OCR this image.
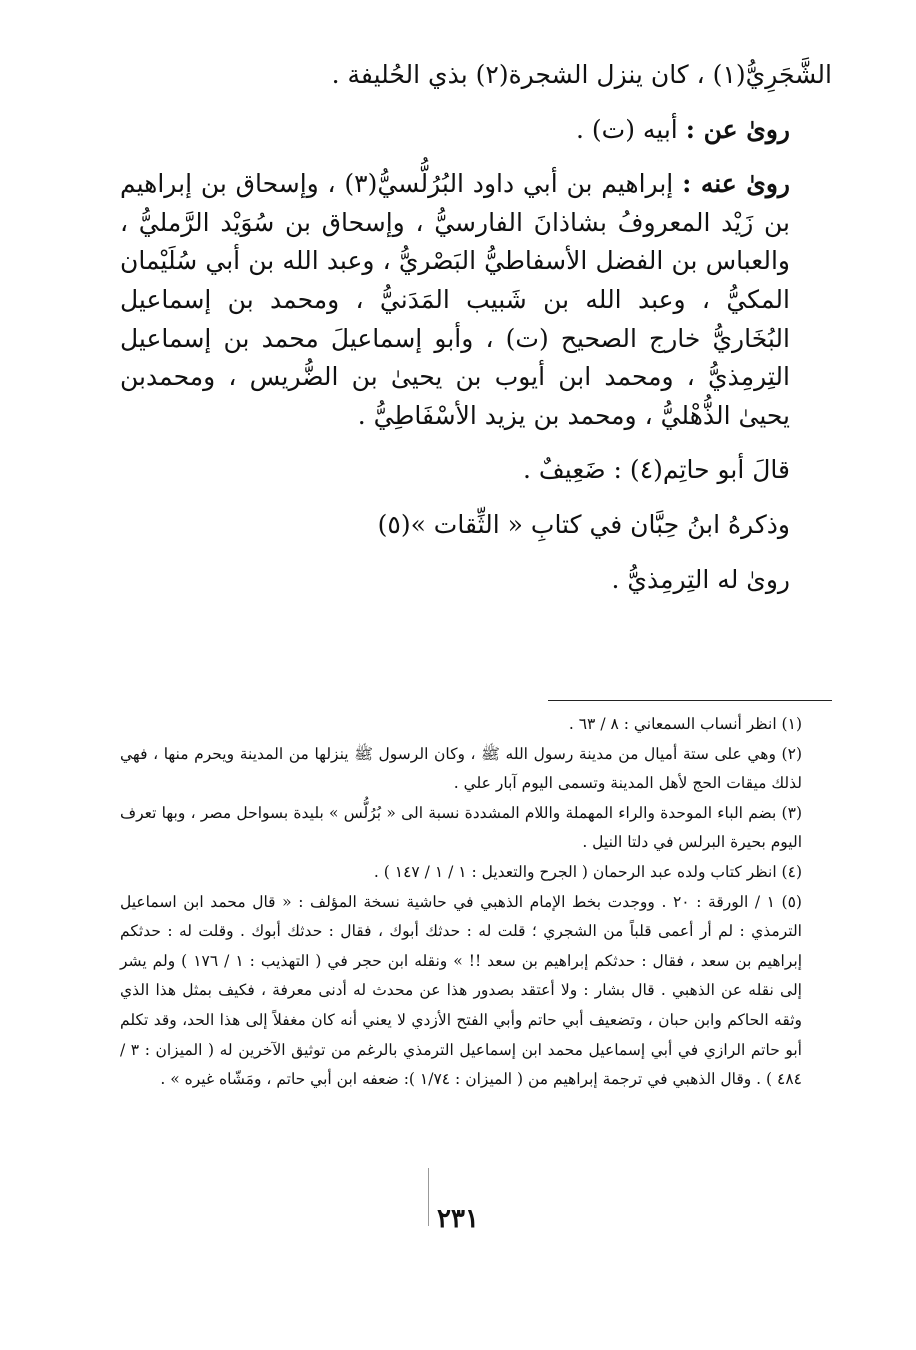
الشَّجَرِيُّ(١) ، كان ينزل الشجرة(٢) بذي الحُليفة .

روىٰ عن : أبيه (ت) .

روىٰ عنه : إبراهيم بن أبي داود البُرُلُّسيُّ(٣) ، وإسحاق بن إبراهيم بن زَيْد المعروفُ بشاذانَ الفارسيُّ ، وإسحاق بن سُوَيْد الرَّمليُّ ، والعباس بن الفضل الأسفاطيُّ البَصْريُّ ، وعبد الله بن أبي سُلَيْمان المكيُّ ، وعبد الله بن شَبيب المَدَنيُّ ، ومحمد بن إسماعيل البُخَاريُّ خارج الصحيح (ت) ، وأبو إسماعيلَ محمد بن إسماعيل التِرمِذيُّ ، ومحمد ابن أيوب بن يحيىٰ بن الضُّريس ، ومحمدبن يحيىٰ الذُّهْليُّ ، ومحمد بن يزيد الأسْفَاطِيُّ .

قالَ أبو حاتِم(٤) : ضَعِيفٌ .

وذكرهُ ابنُ حِبَّان في كتابِ « الثِّقات »(٥)

روىٰ له التِرمِذيُّ .

(١) انظر أنساب السمعاني : ٨ / ٦٣ .

(٢) وهي على ستة أميال من مدينة رسول الله ﷺ ، وكان الرسول ﷺ ينزلها من المدينة ويحرم منها ، فهي لذلك ميقات الحج لأهل المدينة وتسمى اليوم آبار علي .

(٣) بضم الباء الموحدة والراء المهملة واللام المشددة نسبة الى « بُرُلُّس » بليدة بسواحل مصر ، وبها تعرف اليوم بحيرة البرلس في دلتا النيل .

(٤) انظر كتاب ولده عبد الرحمان ( الجرح والتعديل : ١ / ١ / ١٤٧ ) .

(٥) ١ / الورقة : ٢٠ . ووجدت بخط الإمام الذهبي في حاشية نسخة المؤلف : « قال محمد ابن اسماعيل الترمذي : لم أر أعمى قلباً من الشجري ؛ قلت له : حدثك أبوك ، فقال : حدثك أبوك . وقلت له : حدثكم إبراهيم بن سعد ، فقال : حدثكم إبراهيم بن سعد !! » ونقله ابن حجر في ( التهذيب : ١ / ١٧٦ ) ولم يشر إلى نقله عن الذهبي . قال بشار : ولا أعتقد بصدور هذا عن محدث له أدنى معرفة ، فكيف بمثل هذا الذي وثقه الحاكم وابن حبان ، وتضعيف أبي حاتم وأبي الفتح الأزدي لا يعني أنه كان مغفلاً إلى هذا الحد، وقد تكلم أبو حاتم الرازي في أبي إسماعيل محمد ابن إسماعيل الترمذي بالرغم من توثيق الآخرين له ( الميزان : ٣ / ٤٨٤ ) . وقال الذهبي في ترجمة إبراهيم من ( الميزان : ١/٧٤ ): ضعفه ابن أبي حاتم ، ومَشّاه غيره » .

٢٣١
